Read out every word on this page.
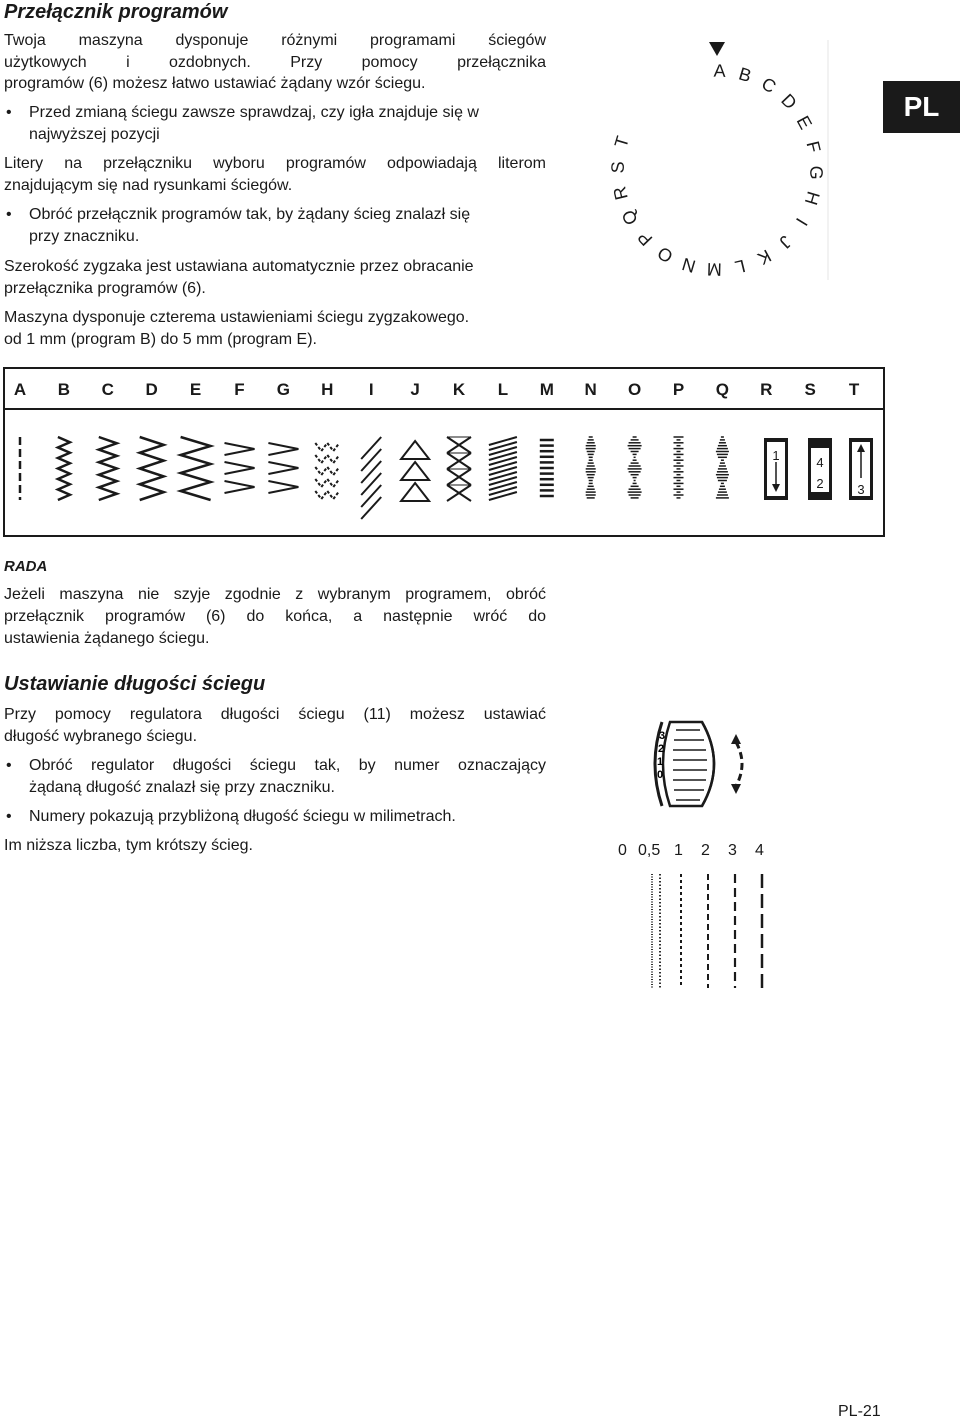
Przełącznik programów

Twoja maszyna dysponuje różnymi programami ściegów

użytkowych i ozdobnych. Przy pomocy przełącznika

programów (6) możesz łatwo ustawiać żądany wzór ściegu.

• Przed zmianą ściegu zawsze sprawdzaj, czy igła znajduje się w

najwyższej pozycji

Litery na przełączniku wyboru programów odpowiadają literom

znajdującym się nad rysunkami ściegów.

• Obróć przełącznik programów tak, by żądany ścieg znalazł się

przy znaczniku.

Szerokość zygzaka jest ustawiana automatycznie przez obracanie

przełącznika programów (6).

Maszyna dysponuje czterema ustawieniami ściegu zygzakowego.

od 1 mm (program B) do 5 mm (program E).

A B C
D
E
F
G
H
I
J
K
L
M
N
O
P
Q
R
S
T
PL
A B C D E F G H I J K L M N O P Q R S T
1	4
2	3
RADA

Jeżeli maszyna nie szyje zgodnie z wybranym programem, obróć

przełącznik programów (6) do końca, a następnie wróć do

ustawienia żądanego ściegu.

Ustawianie długości ściegu

Przy pomocy regulatora długości ściegu (11) możesz ustawiać

długość wybranego ściegu.

• Obróć regulator długości ściegu tak, by numer oznaczający

żądaną długość znalazł się przy znaczniku.

• Numery pokazują przybliżoną długość ściegu w milimetrach.

Im niższa liczba, tym krótszy ścieg.

3
2
1
0
0 0,5 1 2 3 4
PL-21
